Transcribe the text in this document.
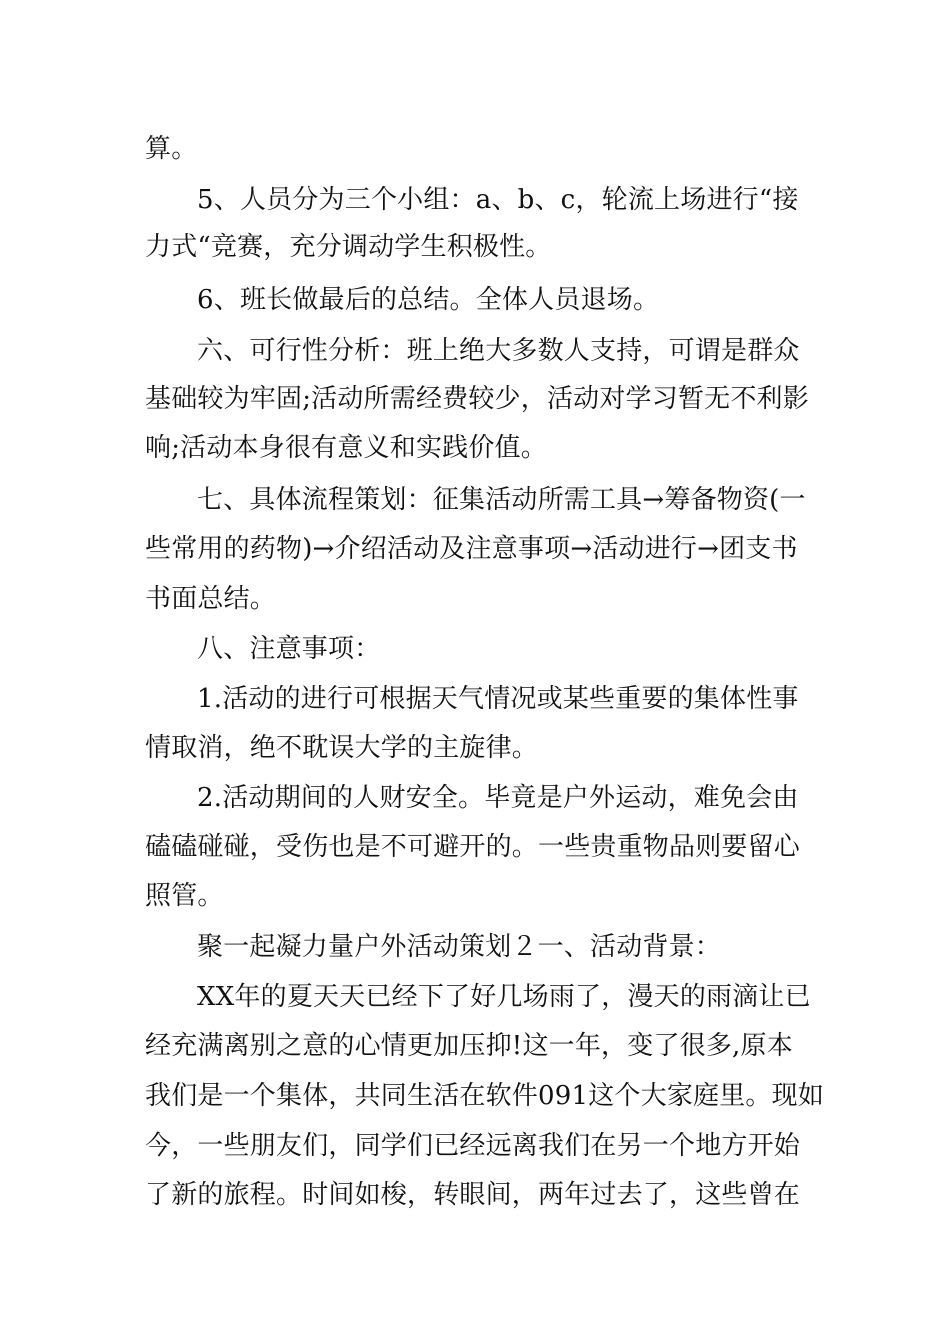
算。
5、人员分为三个小组：a、b、c，轮流上场进行“接
力式“竞赛，充分调动学生积极性。
6、班长做最后的总结。全体人员退场。
六、可行性分析：班上绝大多数人支持，可谓是群众
基础较为牢固;活动所需经费较少，活动对学习暂无不利影
响;活动本身很有意义和实践价值。
七、具体流程策划：征集活动所需工具→筹备物资(一
些常用的药物)→介绍活动及注意事项→活动进行→团支书
书面总结。
八、注意事项：
1.活动的进行可根据天气情况或某些重要的集体性事
情取消，绝不耽误大学的主旋律。
2.活动期间的人财安全。毕竟是户外运动，难免会由
磕磕碰碰，受伤也是不可避开的。一些贵重物品则要留心
照管。
聚一起凝力量户外活动策划２一、活动背景：
XX年的夏天天已经下了好几场雨了，漫天的雨滴让已
经充满离别之意的心情更加压抑!这一年，变了很多,原本
我们是一个集体，共同生活在软件091这个大家庭里。现如
今，一些朋友们，同学们已经远离我们在另一个地方开始
了新的旅程。时间如梭，转眼间，两年过去了，这些曾在
